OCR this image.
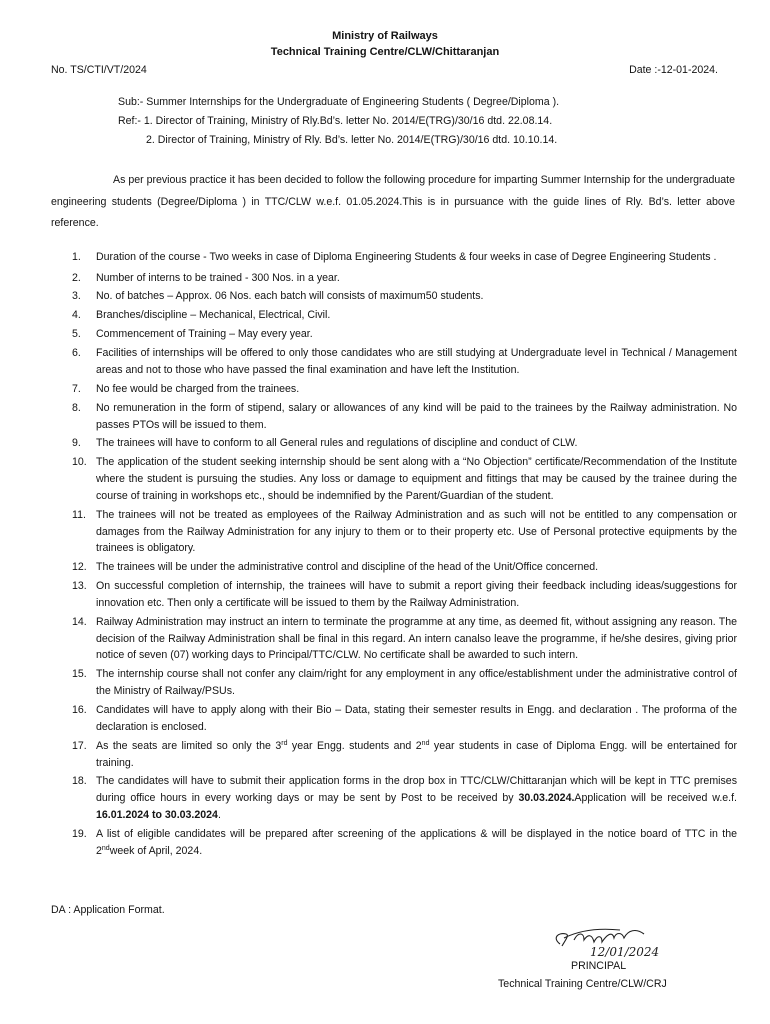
Ministry of Railways
Technical Training Centre/CLW/Chittaranjan
No. TS/CTI/VT/2024	Date :-12-01-2024.
Sub:- Summer Internships for the Undergraduate of Engineering Students ( Degree/Diploma ).
Ref:- 1. Director of Training, Ministry of Rly.Bd’s. letter No. 2014/E(TRG)/30/16 dtd. 22.08.14.
2. Director of Training, Ministry of Rly. Bd’s. letter No. 2014/E(TRG)/30/16 dtd. 10.10.14.
As per previous practice it has been decided to follow the following procedure for imparting Summer Internship for the undergraduate engineering students (Degree/Diploma ) in TTC/CLW w.e.f. 01.05.2024.This is in pursuance with the guide lines of Rly. Bd’s. letter above reference.
1. Duration of the course - Two weeks in case of Diploma Engineering Students & four weeks in case of Degree Engineering Students .
2. Number of interns to be trained - 300 Nos. in a year.
3. No. of batches – Approx. 06 Nos. each batch will consists of maximum50 students.
4. Branches/discipline – Mechanical, Electrical, Civil.
5. Commencement of Training – May every year.
6. Facilities of internships will be offered to only those candidates who are still studying at Undergraduate level in Technical / Management areas and not to those who have passed the final examination and have left the Institution.
7. No fee would be charged from the trainees.
8. No remuneration in the form of stipend, salary or allowances of any kind will be paid to the trainees by the Railway administration. No passes PTOs will be issued to them.
9. The trainees will have to conform to all General rules and regulations of discipline and conduct of CLW.
10. The application of the student seeking internship should be sent along with a “No Objection” certificate/Recommendation of the Institute where the student is pursuing the studies. Any loss or damage to equipment and fittings that may be caused by the trainee during the course of training in workshops etc., should be indemnified by the Parent/Guardian of the student.
11. The trainees will not be treated as employees of the Railway Administration and as such will not be entitled to any compensation or damages from the Railway Administration for any injury to them or to their property etc. Use of Personal protective equipments by the trainees is obligatory.
12. The trainees will be under the administrative control and discipline of the head of the Unit/Office concerned.
13. On successful completion of internship, the trainees will have to submit a report giving their feedback including ideas/suggestions for innovation etc. Then only a certificate will be issued to them by the Railway Administration.
14. Railway Administration may instruct an intern to terminate the programme at any time, as deemed fit, without assigning any reason. The decision of the Railway Administration shall be final in this regard. An intern canalso leave the programme, if he/she desires, giving prior notice of seven (07) working days to Principal/TTC/CLW. No certificate shall be awarded to such intern.
15. The internship course shall not confer any claim/right for any employment in any office/establishment under the administrative control of the Ministry of Railway/PSUs.
16. Candidates will have to apply along with their Bio – Data, stating their semester results in Engg. and declaration . The proforma of the declaration is enclosed.
17. As the seats are limited so only the 3rd year Engg. students and 2nd year students in case of Diploma Engg. will be entertained for training.
18. The candidates will have to submit their application forms in the drop box in TTC/CLW/Chittaranjan which will be kept in TTC premises during office hours in every working days or may be sent by Post to be received by 30.03.2024.Application will be received w.e.f. 16.01.2024 to 30.03.2024.
19. A list of eligible candidates will be prepared after screening of the applications & will be displayed in the notice board of TTC in the 2ndweek of April, 2024.
DA : Application Format.
12/01/2024
PRINCIPAL
Technical Training Centre/CLW/CRJ
